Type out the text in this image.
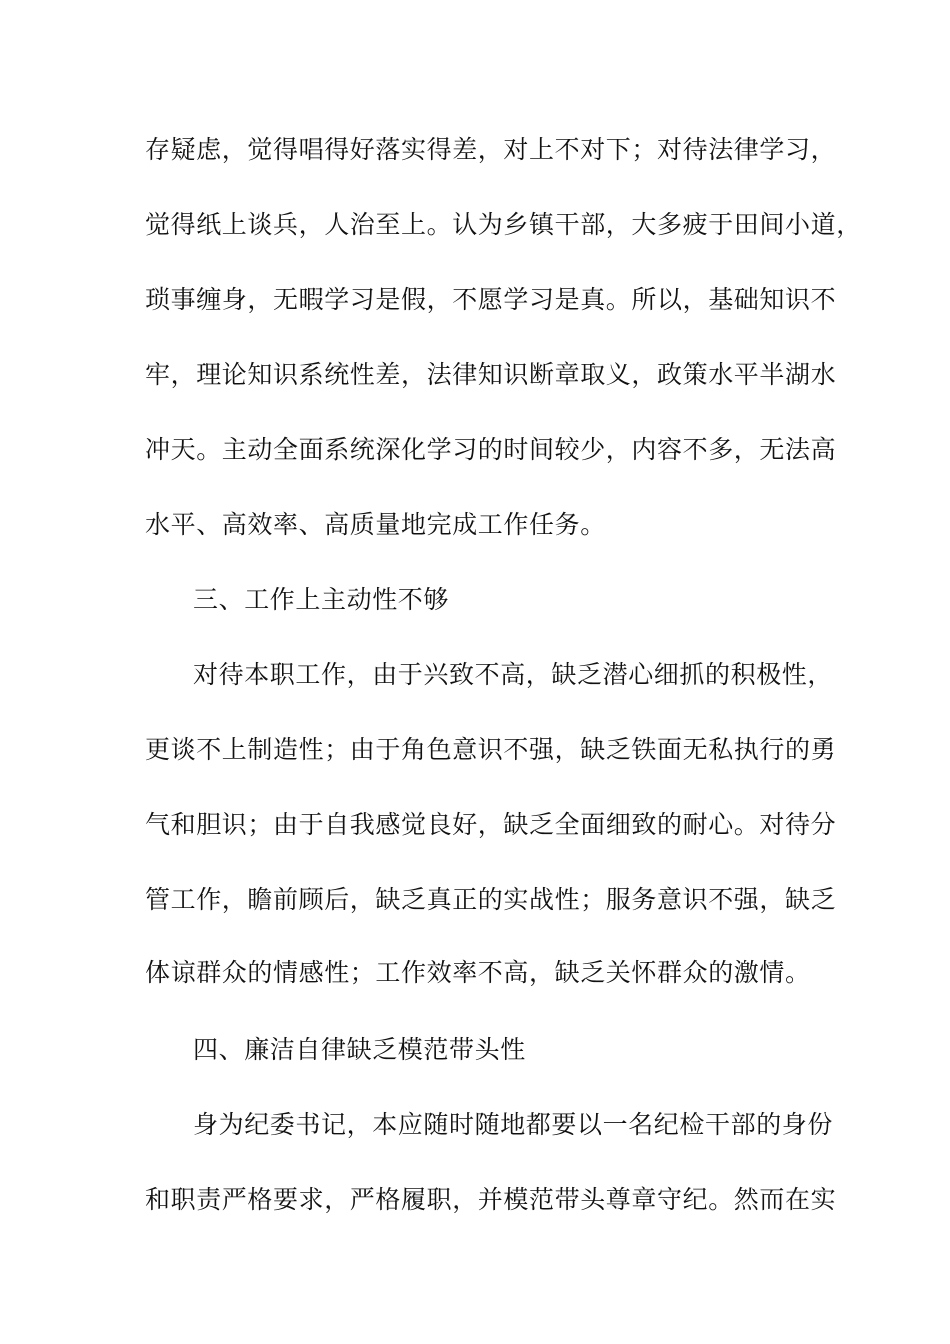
存疑虑，觉得唱得好落实得差，对上不对下；对待法律学习，
觉得纸上谈兵，人治至上。认为乡镇干部，大多疲于田间小道，
琐事缠身，无暇学习是假，不愿学习是真。所以，基础知识不
牢，理论知识系统性差，法律知识断章取义，政策水平半湖水
冲天。主动全面系统深化学习的时间较少，内容不多，无法高
水平、高效率、高质量地完成工作任务。
三、工作上主动性不够
对待本职工作，由于兴致不高，缺乏潜心细抓的积极性，
更谈不上制造性；由于角色意识不强，缺乏铁面无私执行的勇
气和胆识；由于自我感觉良好，缺乏全面细致的耐心。对待分
管工作，瞻前顾后，缺乏真正的实战性；服务意识不强，缺乏
体谅群众的情感性；工作效率不高，缺乏关怀群众的激情。
四、廉洁自律缺乏模范带头性
身为纪委书记，本应随时随地都要以一名纪检干部的身份
和职责严格要求，严格履职，并模范带头尊章守纪。然而在实
